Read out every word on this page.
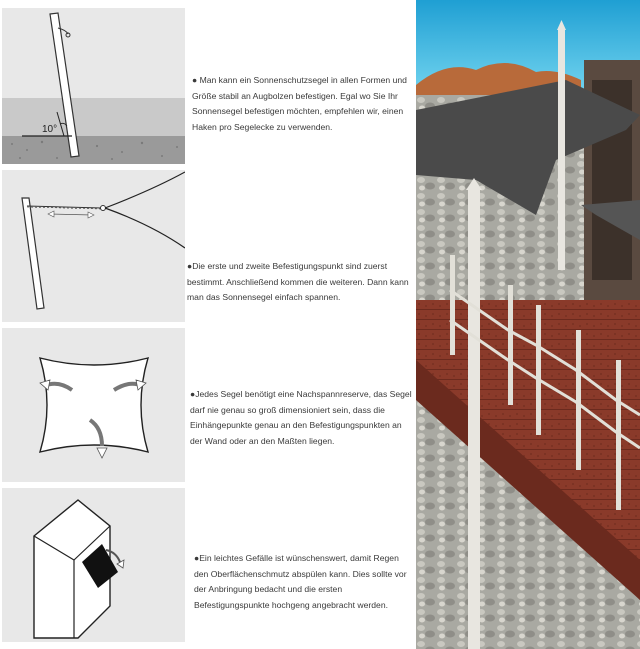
10°
● Man kann ein Sonnenschutzsegel in allen Formen und Größe stabil an Augbolzen befestigen. Egal wo Sie Ihr Sonnensegel befestigen möchten, empfehlen wir, einen Haken pro Segelecke zu verwenden.
●Die erste und zweite Befestigungspunkt sind zuerst bestimmt. Anschließend kommen die weiteren. Dann kann man das Sonnensegel einfach spannen.
●Jedes Segel benötigt eine Nachspannreserve, das Segel darf nie genau so groß dimensioniert sein, dass die Einhängepunkte genau an den Befestigungspunkten an der Wand oder an den Maßten liegen.
●Ein leichtes Gefälle ist wünschenswert, damit Regen den Oberflächenschmutz abspülen kann. Dies sollte vor der Anbringung bedacht und die ersten Befestigungspunkte hochgeng angebracht werden.
